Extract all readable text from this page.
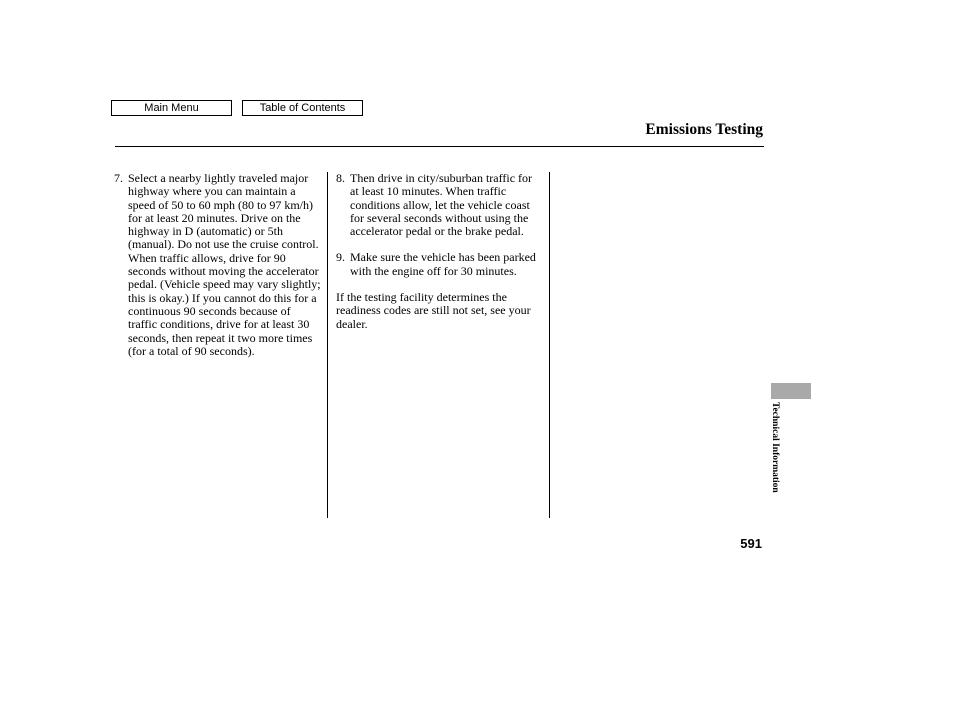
Main Menu	Table of Contents
Emissions Testing
7. Select a nearby lightly traveled major highway where you can maintain a speed of 50 to 60 mph (80 to 97 km/h) for at least 20 minutes. Drive on the highway in D (automatic) or 5th (manual). Do not use the cruise control. When traffic allows, drive for 90 seconds without moving the accelerator pedal. (Vehicle speed may vary slightly; this is okay.) If you cannot do this for a continuous 90 seconds because of traffic conditions, drive for at least 30 seconds, then repeat it two more times (for a total of 90 seconds).
8. Then drive in city/suburban traffic for at least 10 minutes. When traffic conditions allow, let the vehicle coast for several seconds without using the accelerator pedal or the brake pedal.
9. Make sure the vehicle has been parked with the engine off for 30 minutes.

If the testing facility determines the readiness codes are still not set, see your dealer.

Technical Information
591
